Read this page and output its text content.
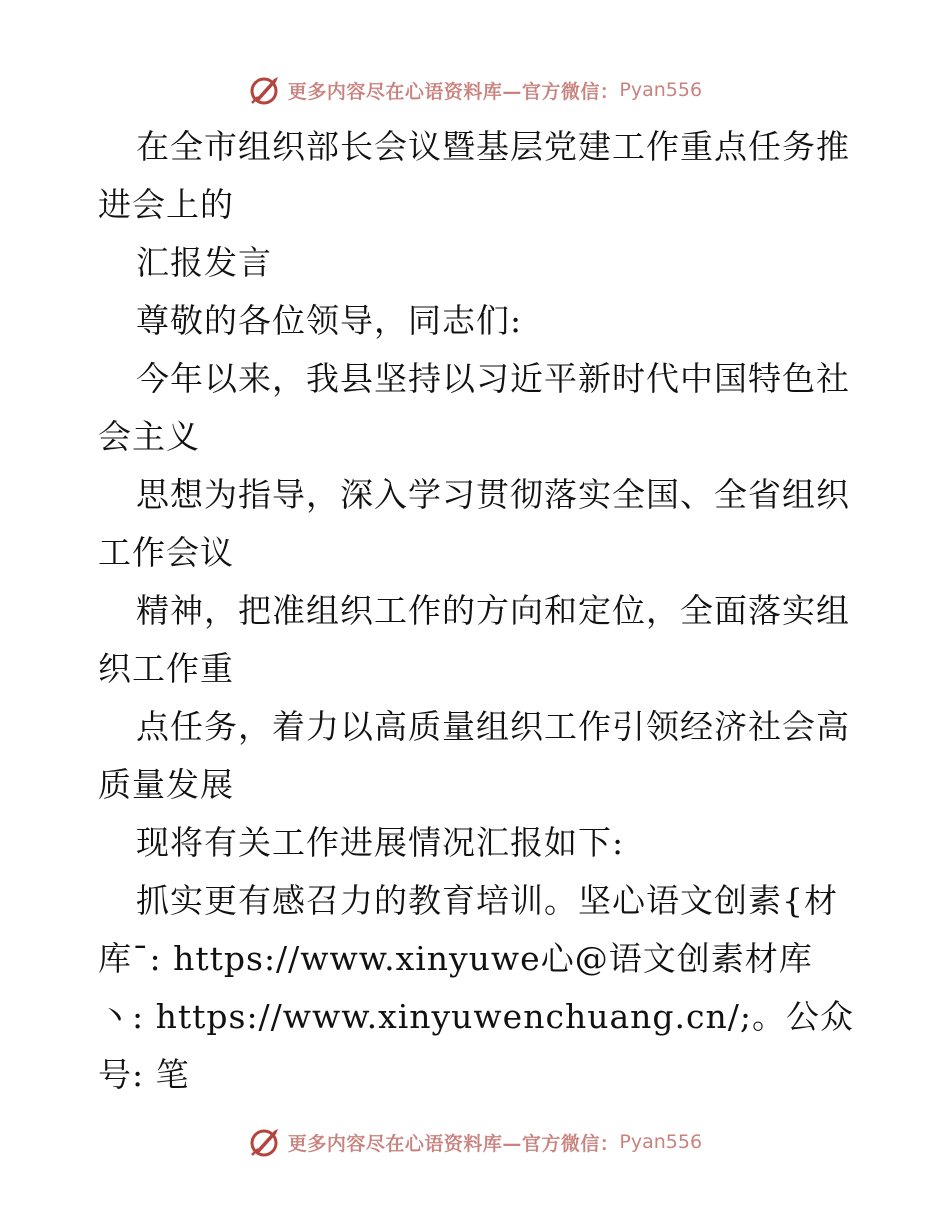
更多内容尽在心语资料库—官方微信： Pyan556

在全市组织部长会议暨基层党建工作重点任务推进会上的

汇报发言

尊敬的各位领导，同志们:

今年以来，我县坚持以习近平新时代中国特色社会主义

思想为指导，深入学习贯彻落实全国、全省组织工作会议

精神，把准组织工作的方向和定位，全面落实组织工作重

点任务，着力以高质量组织工作引领经济社会高质量发展

现将有关工作进展情况汇报如下:

抓实更有感召力的教育培训。坚心语文创素{材库¯: https://www.xinyuwe心@语文创素材库丶: https://www.xinyuwenchuang.cn/;。公众号: 笔

更多内容尽在心语资料库—官方微信： Pyan556
